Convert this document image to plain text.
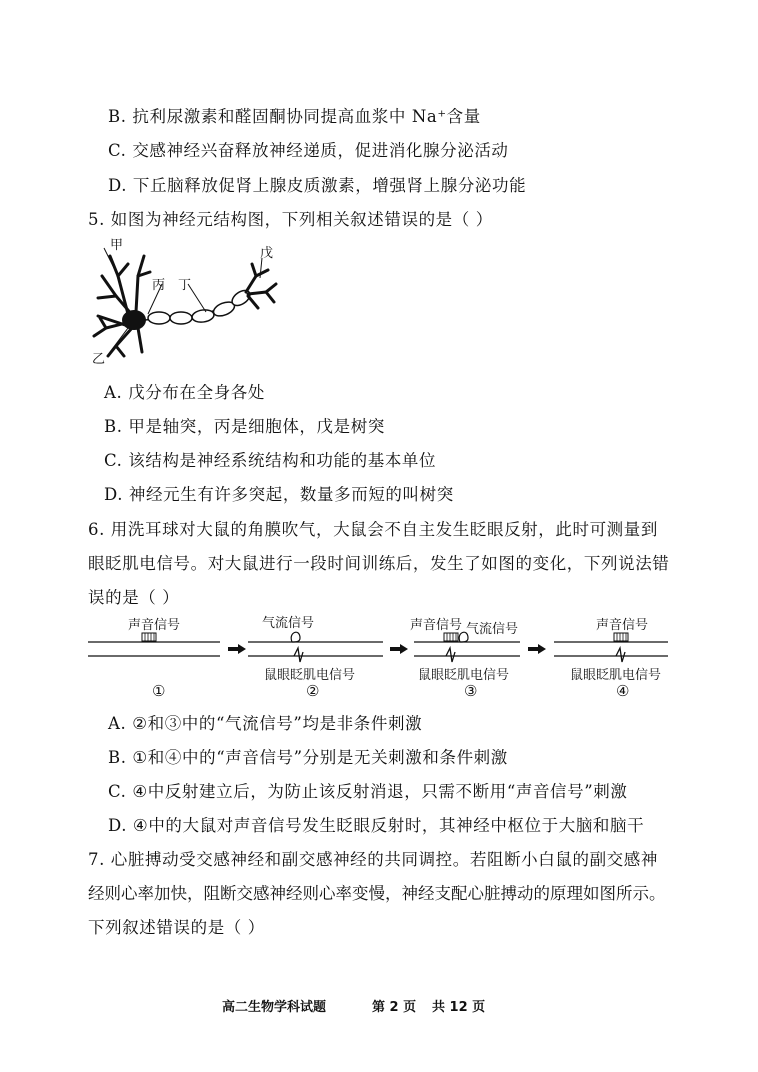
B. 抗利尿激素和醛固酮协同提高血浆中 Na⁺含量
C. 交感神经兴奋释放神经递质，促进消化腺分泌活动
D. 下丘脑释放促肾上腺皮质激素，增强肾上腺分泌功能
5. 如图为神经元结构图，下列相关叙述错误的是（ ）
甲
乙
丙 丁
戊
A. 戊分布在全身各处
B. 甲是轴突，丙是细胞体，戊是树突
C. 该结构是神经系统结构和功能的基本单位
D. 神经元生有许多突起，数量多而短的叫树突
6. 用洗耳球对大鼠的角膜吹气，大鼠会不自主发生眨眼反射，此时可测量到
眼眨肌电信号。对大鼠进行一段时间训练后，发生了如图的变化，下列说法错
误的是（ ）
声音信号	气流信号
鼠眼眨肌电信号
声音信号 气流信号
鼠眼眨肌电信号
声音信号
鼠眼眨肌电信号
①	②	③	④
A. ②和③中的“气流信号”均是非条件刺激
B. ①和④中的“声音信号”分别是无关刺激和条件刺激
C. ④中反射建立后，为防止该反射消退，只需不断用“声音信号”刺激
D. ④中的大鼠对声音信号发生眨眼反射时，其神经中枢位于大脑和脑干
7. 心脏搏动受交感神经和副交感神经的共同调控。若阻断小白鼠的副交感神
经则心率加快，阻断交感神经则心率变慢，神经支配心脏搏动的原理如图所示。
下列叙述错误的是（ ）
高二生物学科试题	第 2 页 共 12 页
